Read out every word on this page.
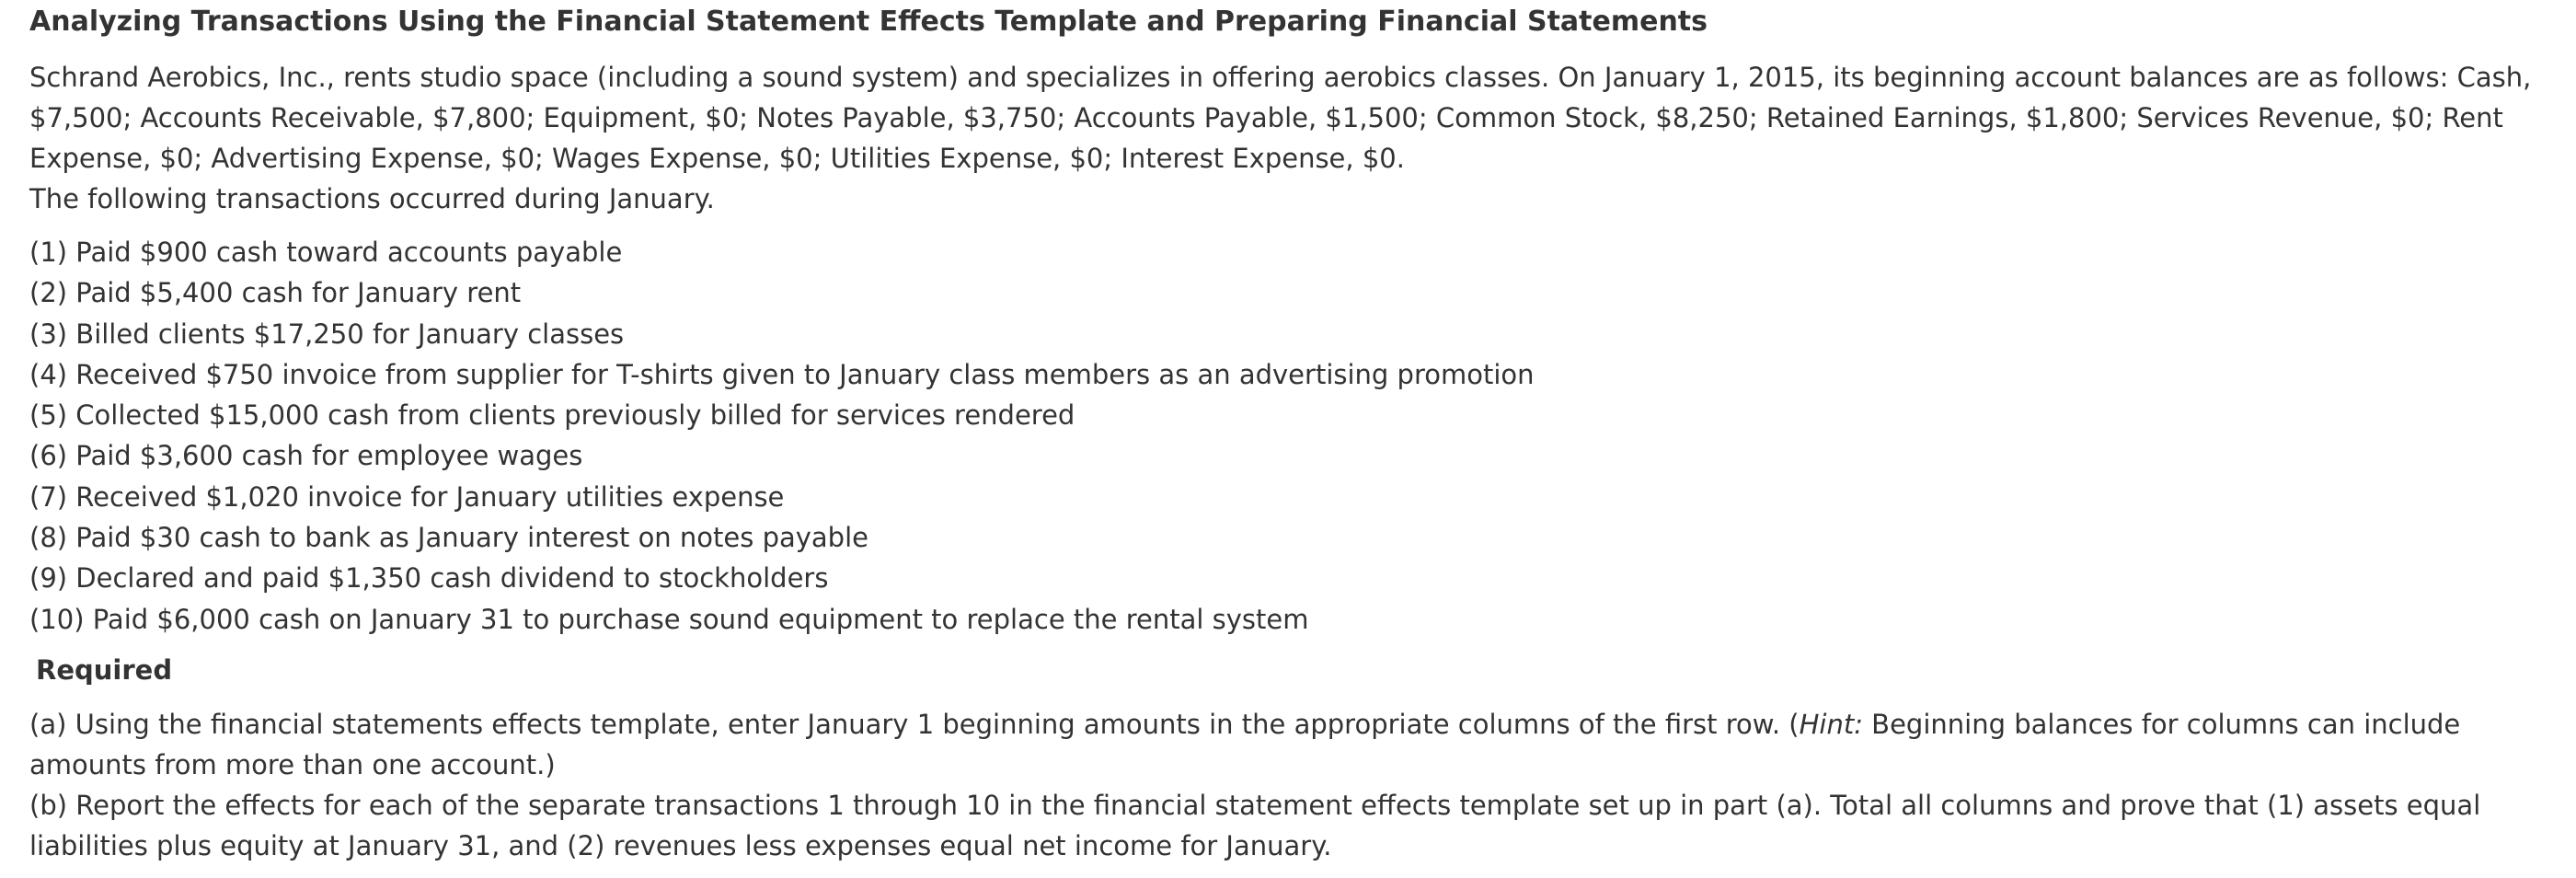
Analyzing Transactions Using the Financial Statement Effects Template and Preparing Financial Statements
Schrand Aerobics, Inc., rents studio space (including a sound system) and specializes in offering aerobics classes. On January 1, 2015, its beginning account balances are as follows: Cash, $7,500; Accounts Receivable, $7,800; Equipment, $0; Notes Payable, $3,750; Accounts Payable, $1,500; Common Stock, $8,250; Retained Earnings, $1,800; Services Revenue, $0; Rent Expense, $0; Advertising Expense, $0; Wages Expense, $0; Utilities Expense, $0; Interest Expense, $0.
The following transactions occurred during January.
(1) Paid $900 cash toward accounts payable
(2) Paid $5,400 cash for January rent
(3) Billed clients $17,250 for January classes
(4) Received $750 invoice from supplier for T-shirts given to January class members as an advertising promotion
(5) Collected $15,000 cash from clients previously billed for services rendered
(6) Paid $3,600 cash for employee wages
(7) Received $1,020 invoice for January utilities expense
(8) Paid $30 cash to bank as January interest on notes payable
(9) Declared and paid $1,350 cash dividend to stockholders
(10) Paid $6,000 cash on January 31 to purchase sound equipment to replace the rental system
Required
(a) Using the financial statements effects template, enter January 1 beginning amounts in the appropriate columns of the first row. (Hint: Beginning balances for columns can include amounts from more than one account.)
(b) Report the effects for each of the separate transactions 1 through 10 in the financial statement effects template set up in part (a). Total all columns and prove that (1) assets equal liabilities plus equity at January 31, and (2) revenues less expenses equal net income for January.
